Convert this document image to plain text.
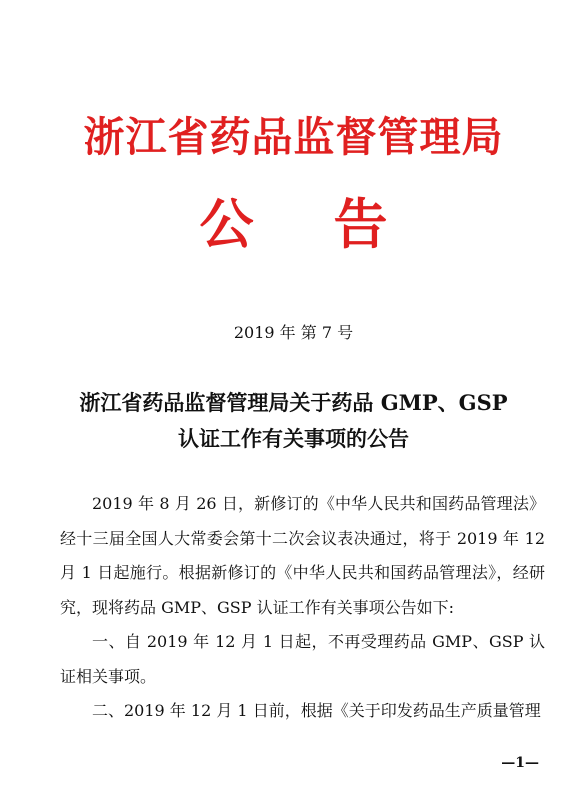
浙江省药品监督管理局
公 告
2019 年 第 7 号
浙江省药品监督管理局关于药品 GMP、GSP
认证工作有关事项的公告

2019 年 8 月 26 日，新修订的《中华人民共和国药品管理法》经十三届全国人大常委会第十二次会议表决通过，将于 2019 年 12 月 1 日起施行。根据新修订的《中华人民共和国药品管理法》，经研究，现将药品 GMP、GSP 认证工作有关事项公告如下:

一、自 2019 年 12 月 1 日起，不再受理药品 GMP、GSP 认证相关事项。

二、2019 年 12 月 1 日前，根据《关于印发药品生产质量管理

—1—
